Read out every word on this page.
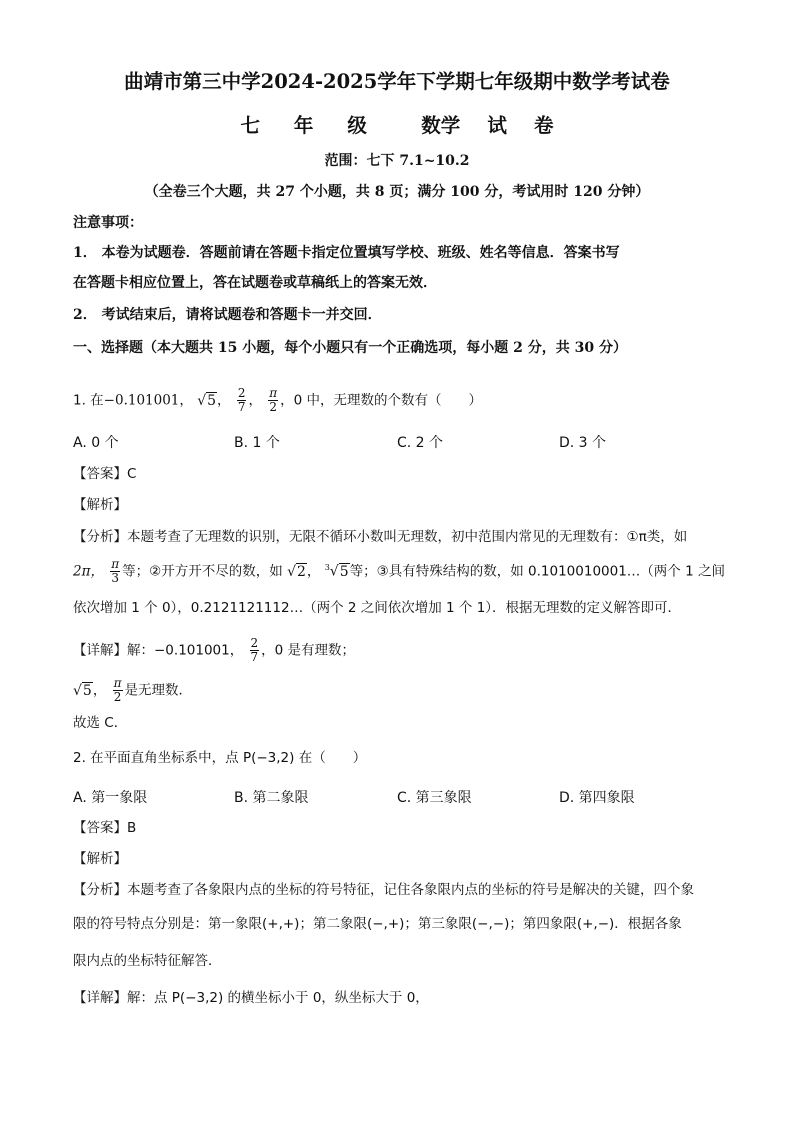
曲靖市第三中学2024-2025学年下学期七年级期中数学考试卷
七 年 级	数学 试 卷
范围：七下 7.1~10.2
（全卷三个大题，共 27 个小题，共 8 页；满分 100 分，考试用时 120 分钟）
注意事项：
1． 本卷为试题卷．答题前请在答题卡指定位置填写学校、班级、姓名等信息．答案书写
在答题卡相应位置上，答在试题卷或草稿纸上的答案无效．
2． 考试结束后，请将试题卷和答题卡一并交回．
一、选择题（本大题共 15 小题，每个小题只有一个正确选项，每小题 2 分，共 30 分）
1. 在−0.101001， √5， $\frac{2}{7}$ ， $\frac{\pi}{2}$ ，0 中，无理数的个数有（　　）
A. 0 个	B. 1 个	C. 2 个	D. 3 个
【答案】C
【解析】
【分析】本题考查了无理数的识别，无限不循环小数叫无理数，初中范围内常见的无理数有：①π类，如
2π， $\frac{\pi}{3}$ 等；②开方开不尽的数，如 √2， $^3$√5等；③具有特殊结构的数，如 0.1010010001…（两个 1 之间
依次增加 1 个 0），0.2121121112…（两个 2 之间依次增加 1 个 1）．根据无理数的定义解答即可．
【详解】解：−0.101001， $\frac{2}{7}$ ，0 是有理数；
√5， $\frac{\pi}{2}$ 是无理数．
故选 C．
2. 在平面直角坐标系中，点 P(−3,2) 在（　　）
A. 第一象限	B. 第二象限	C. 第三象限	D. 第四象限
【答案】B
【解析】
【分析】本题考查了各象限内点的坐标的符号特征，记住各象限内点的坐标的符号是解决的关键，四个象
限的符号特点分别是：第一象限(+,+)；第二象限(−,+)；第三象限(−,−)；第四象限(+,−)．根据各象
限内点的坐标特征解答．
【详解】解：点 P(−3,2) 的横坐标小于 0，纵坐标大于 0，
